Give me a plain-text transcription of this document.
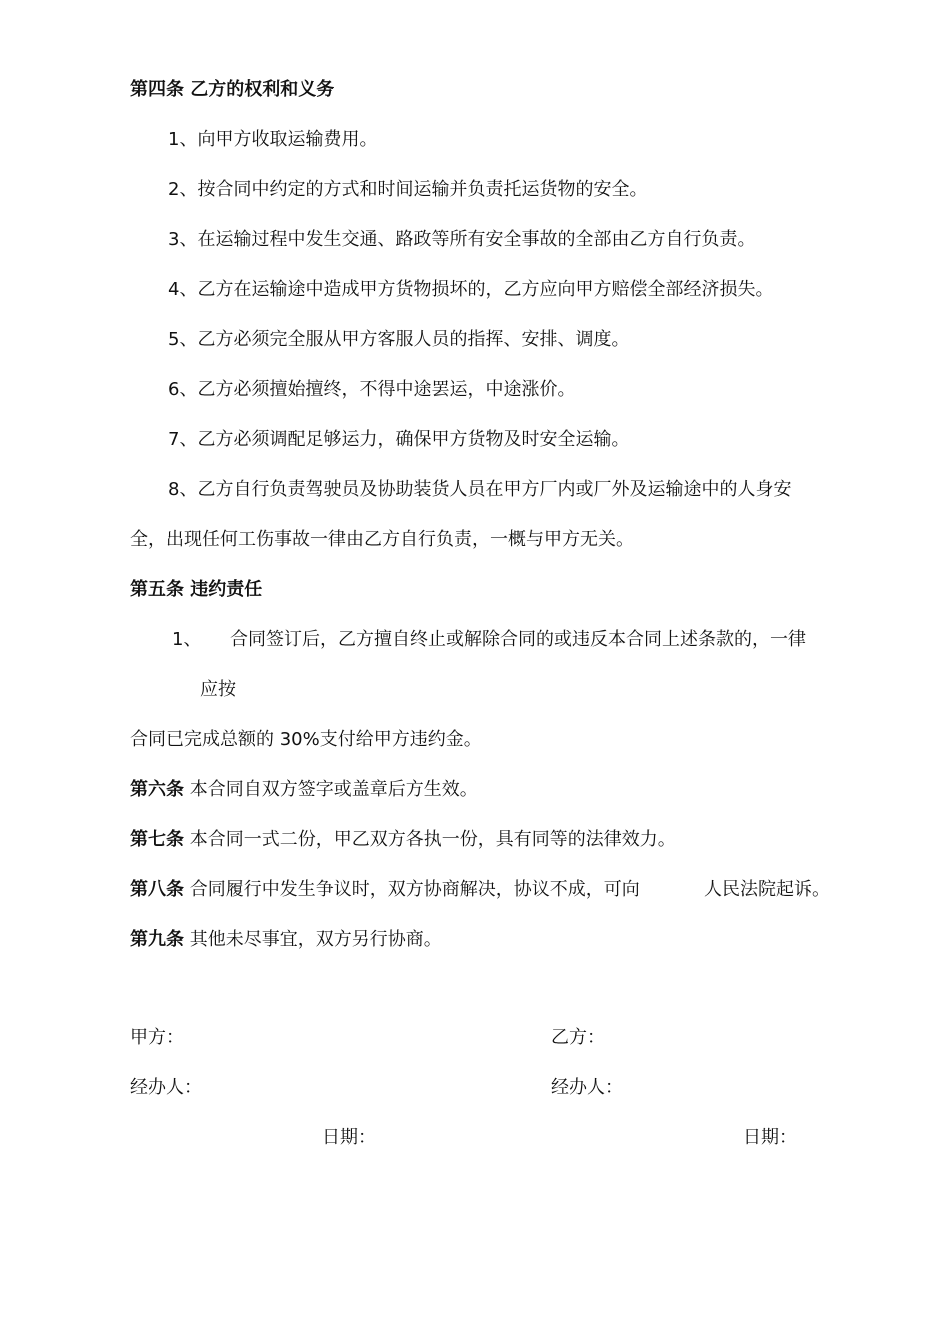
第四条 乙方的权利和义务
1、向甲方收取运输费用。
2、按合同中约定的方式和时间运输并负责托运货物的安全。
3、在运输过程中发生交通、路政等所有安全事故的全部由乙方自行负责。
4、乙方在运输途中造成甲方货物损坏的，乙方应向甲方赔偿全部经济损失。
5、乙方必须完全服从甲方客服人员的指挥、安排、调度。
6、乙方必须擅始擅终，不得中途罢运，中途涨价。
7、乙方必须调配足够运力，确保甲方货物及时安全运输。
8、乙方自行负责驾驶员及协助装货人员在甲方厂内或厂外及运输途中的人身安
全，出现任何工伤事故一律由乙方自行负责，一概与甲方无关。
第五条 违约责任
1、 合同签订后，乙方擅自终止或解除合同的或违反本合同上述条款的，一律
应按
合同已完成总额的 30%支付给甲方违约金。
第六条 本合同自双方签字或盖章后方生效。
第七条 本合同一式二份，甲乙双方各执一份，具有同等的法律效力。
第八条 合同履行中发生争议时，双方协商解决，协议不成，可向	人民法院起诉。
第九条 其他未尽事宜，双方另行协商。
甲方：	乙方：
经办人：	经办人：
日期：	日期：
